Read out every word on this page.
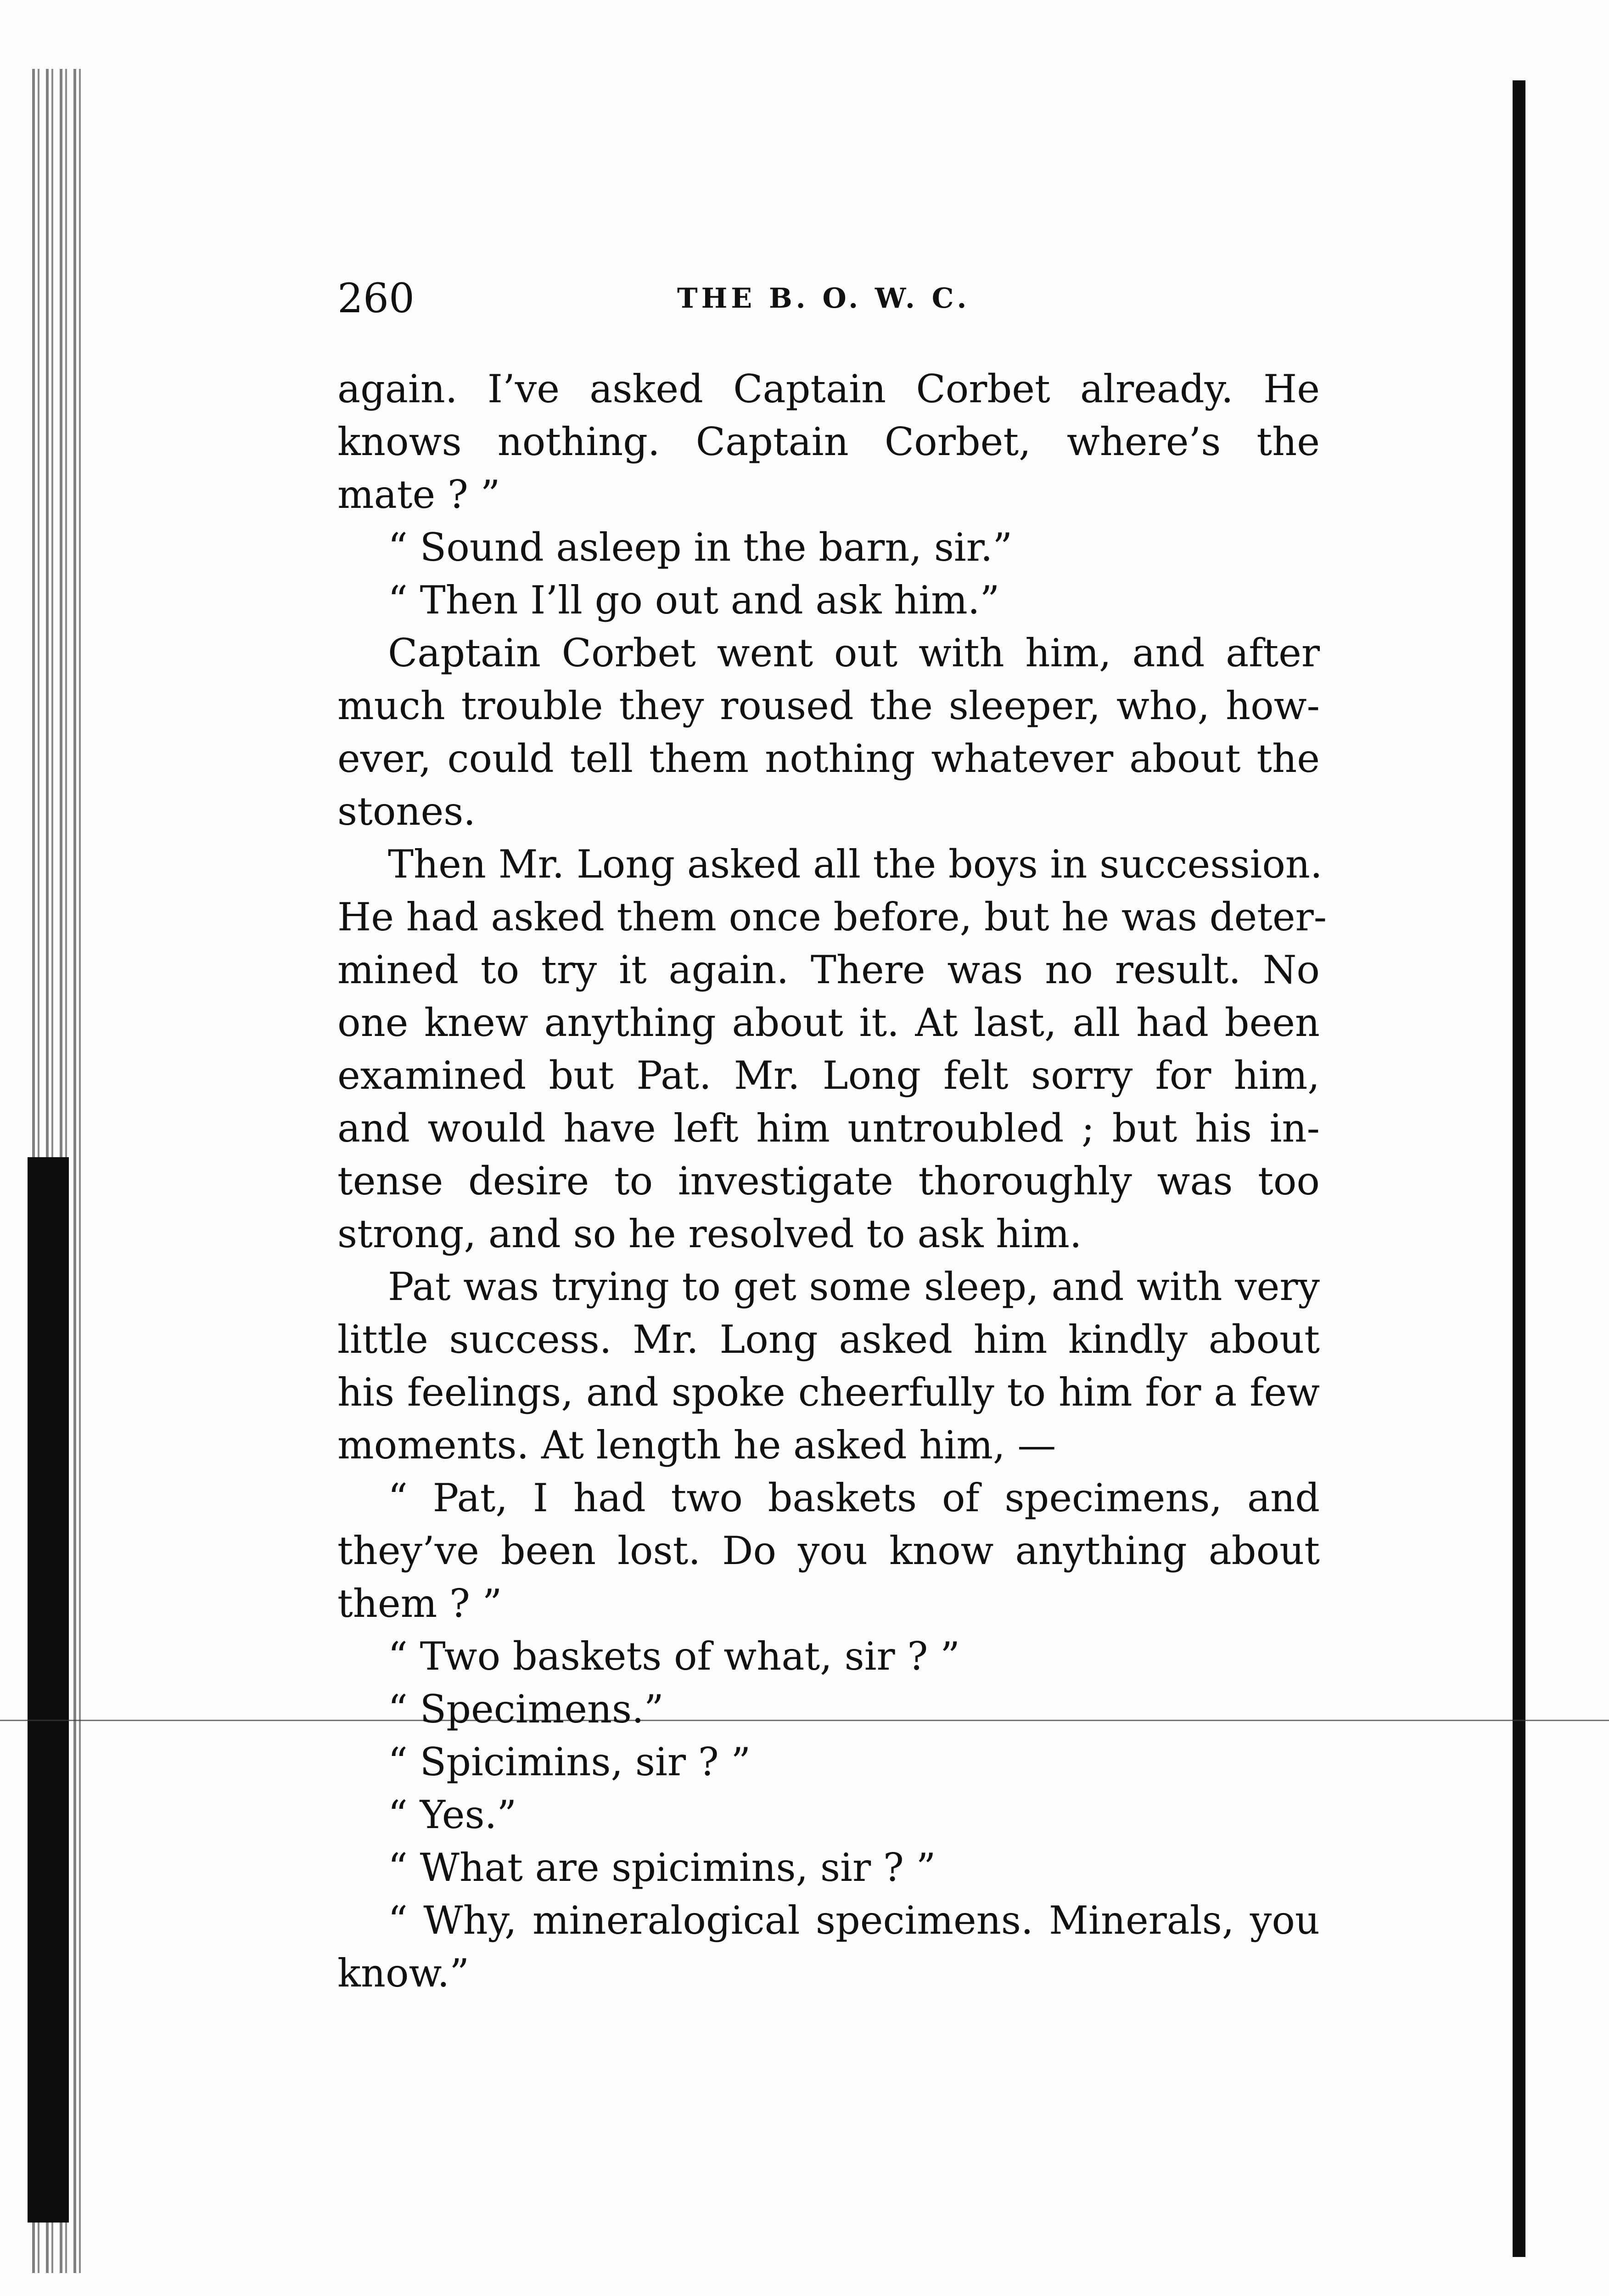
260	THE B. O. W. C.
again. I’ve asked Captain Corbet already. He
knows nothing. Captain Corbet, where’s the
mate ? ”
“ Sound asleep in the barn, sir.”
“ Then I’ll go out and ask him.”
Captain Corbet went out with him, and after
much trouble they roused the sleeper, who, how-
ever, could tell them nothing whatever about the
stones.
Then Mr. Long asked all the boys in succession.
He had asked them once before, but he was deter-
mined to try it again. There was no result. No
one knew anything about it. At last, all had been
examined but Pat. Mr. Long felt sorry for him,
and would have left him untroubled ; but his in-
tense desire to investigate thoroughly was too
strong, and so he resolved to ask him.
Pat was trying to get some sleep, and with very
little success. Mr. Long asked him kindly about
his feelings, and spoke cheerfully to him for a few
moments. At length he asked him, —
“ Pat, I had two baskets of specimens, and
they’ve been lost. Do you know anything about
them ? ”
“ Two baskets of what, sir ? ”
“ Specimens.”
“ Spicimins, sir ? ”
“ Yes.”
“ What are spicimins, sir ? ”
“ Why, mineralogical specimens. Minerals, you
know.”
